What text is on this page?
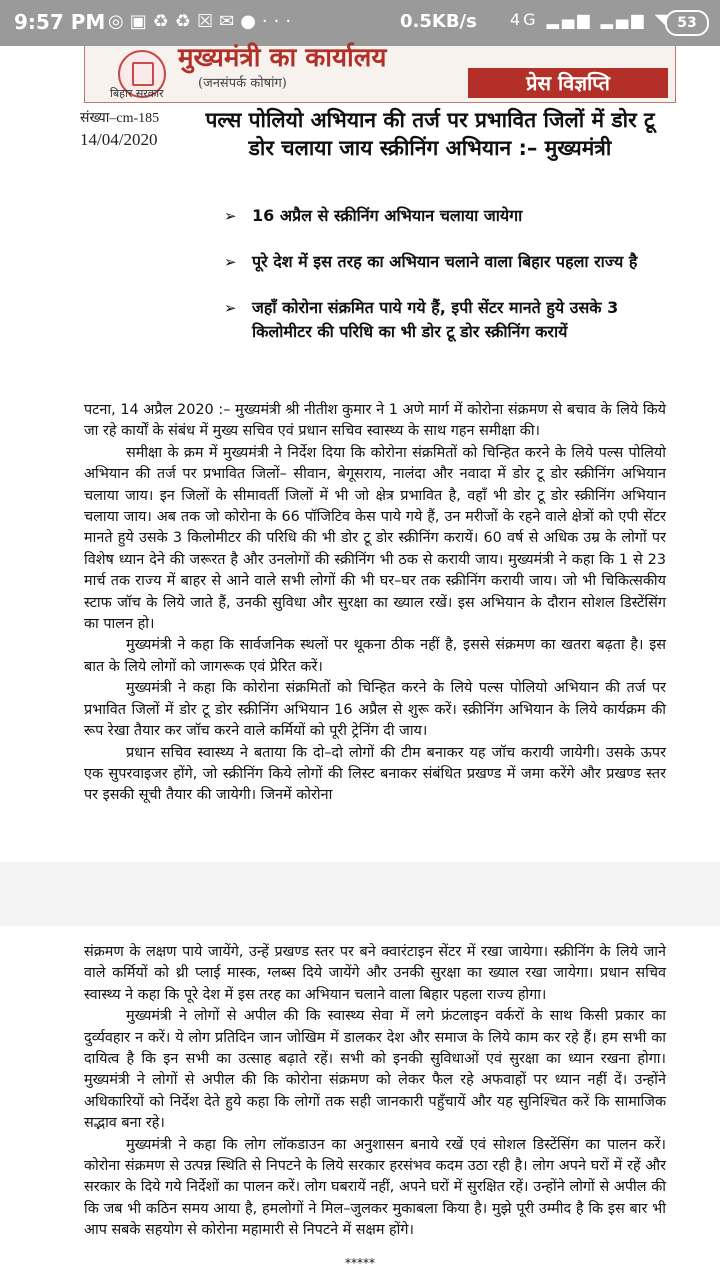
9:57 PM ◎▣♻♻☒✉●···	0.5KB/s 4G ▂▄▆ ▂▄▆ ◥ 53
बिहार सरकार
मुख्यमंत्री का कार्यालय
(जनसंपर्क कोषांग)	प्रेस विज्ञप्ति
संख्या–cm-185
14/04/2020
पल्स पोलियो अभियान की तर्ज पर प्रभावित जिलों में डोर टू डोर चलाया जाय स्क्रीनिंग अभियान :– मुख्यमंत्री
➢ 16 अप्रैल से स्क्रीनिंग अभियान चलाया जायेगा
➢ पूरे देश में इस तरह का अभियान चलाने वाला बिहार पहला राज्य है
➢ जहाँ कोरोना संक्रमित पाये गये हैं, इपी सेंटर मानते हुये उसके 3 किलोमीटर की परिधि का भी डोर टू डोर स्क्रीनिंग करायें

पटना, 14 अप्रैल 2020 :– मुख्यमंत्री श्री नीतीश कुमार ने 1 अणे मार्ग में कोरोना संक्रमण से बचाव के लिये किये जा रहे कार्यों के संबंध में मुख्य सचिव एवं प्रधान सचिव स्वास्थ्य के साथ गहन समीक्षा की।

समीक्षा के क्रम में मुख्यमंत्री ने निर्देश दिया कि कोरोना संक्रमितों को चिन्हित करने के लिये पल्स पोलियो अभियान की तर्ज पर प्रभावित जिलों– सीवान, बेगूसराय, नालंदा और नवादा में डोर टू डोर स्क्रीनिंग अभियान चलाया जाय। इन जिलों के सीमावर्ती जिलों में भी जो क्षेत्र प्रभावित है, वहाँ भी डोर टू डोर स्क्रीनिंग अभियान चलाया जाय। अब तक जो कोरोना के 66 पॉजिटिव केस पाये गये हैं, उन मरीजों के रहने वाले क्षेत्रों को एपी सेंटर मानते हुये उसके 3 किलोमीटर की परिधि की भी डोर टू डोर स्क्रीनिंग करायें। 60 वर्ष से अधिक उम्र के लोगों पर विशेष ध्यान देने की जरूरत है और उनलोगों की स्क्रीनिंग भी ठक से करायी जाय। मुख्यमंत्री ने कहा कि 1 से 23 मार्च तक राज्य में बाहर से आने वाले सभी लोगों की भी घर–घर तक स्क्रीनिंग करायी जाय। जो भी चिकित्सकीय स्टाफ जॉच के लिये जाते हैं, उनकी सुविधा और सुरक्षा का ख्याल रखें। इस अभियान के दौरान सोशल डिस्टेंसिंग का पालन हो।

मुख्यमंत्री ने कहा कि सार्वजनिक स्थलों पर थूकना ठीक नहीं है, इससे संक्रमण का खतरा बढ़ता है। इस बात के लिये लोगों को जागरूक एवं प्रेरित करें।

मुख्यमंत्री ने कहा कि कोरोना संक्रमितों को चिन्हित करने के लिये पल्स पोलियो अभियान की तर्ज पर प्रभावित जिलों में डोर टू डोर स्क्रीनिंग अभियान 16 अप्रैल से शुरू करें। स्क्रीनिंग अभियान के लिये कार्यक्रम की रूप रेखा तैयार कर जॉच करने वाले कर्मियों को पूरी ट्रेनिंग दी जाय।

प्रधान सचिव स्वास्थ्य ने बताया कि दो–दो लोगों की टीम बनाकर यह जॉच करायी जायेगी। उसके ऊपर एक सुपरवाइजर होंगे, जो स्क्रीनिंग किये लोगों की लिस्ट बनाकर संबंधित प्रखण्ड में जमा करेंगे और प्रखण्ड स्तर पर इसकी सूची तैयार की जायेगी। जिनमें कोरोना

संक्रमण के लक्षण पाये जायेंगे, उन्हें प्रखण्ड स्तर पर बने क्वारंटाइन सेंटर में रखा जायेगा। स्क्रीनिंग के लिये जाने वाले कर्मियों को थ्री प्लाई मास्क, ग्लब्स दिये जायेंगे और उनकी सुरक्षा का ख्याल रखा जायेगा। प्रधान सचिव स्वास्थ्य ने कहा कि पूरे देश में इस तरह का अभियान चलाने वाला बिहार पहला राज्य होगा।

मुख्यमंत्री ने लोगों से अपील की कि स्वास्थ्य सेवा में लगे फ्रंटलाइन वर्करों के साथ किसी प्रकार का दुर्व्यवहार न करें। ये लोग प्रतिदिन जान जोखिम में डालकर देश और समाज के लिये काम कर रहे हैं। हम सभी का दायित्व है कि इन सभी का उत्साह बढ़ाते रहें। सभी को इनकी सुविधाओं एवं सुरक्षा का ध्यान रखना होगा। मुख्यमंत्री ने लोगों से अपील की कि कोरोना संक्रमण को लेकर फैल रहे अफवाहों पर ध्यान नहीं दें। उन्होंने अधिकारियों को निर्देश देते हुये कहा कि लोगों तक सही जानकारी पहुँचायें और यह सुनिश्चित करें कि सामाजिक सद्भाव बना रहे।

मुख्यमंत्री ने कहा कि लोग लॉकडाउन का अनुशासन बनाये रखें एवं सोशल डिस्टेंसिंग का पालन करें। कोरोना संक्रमण से उत्पन्न स्थिति से निपटने के लिये सरकार हरसंभव कदम उठा रही है। लोग अपने घरों में रहें और सरकार के दिये गये निर्देशों का पालन करें। लोग घबरायें नहीं, अपने घरों में सुरक्षित रहें। उन्होंने लोगों से अपील की कि जब भी कठिन समय आया है, हमलोगों ने मिल–जुलकर मुकाबला किया है। मुझे पूरी उम्मीद है कि इस बार भी आप सबके सहयोग से कोरोना महामारी से निपटने में सक्षम होंगे।

*****
